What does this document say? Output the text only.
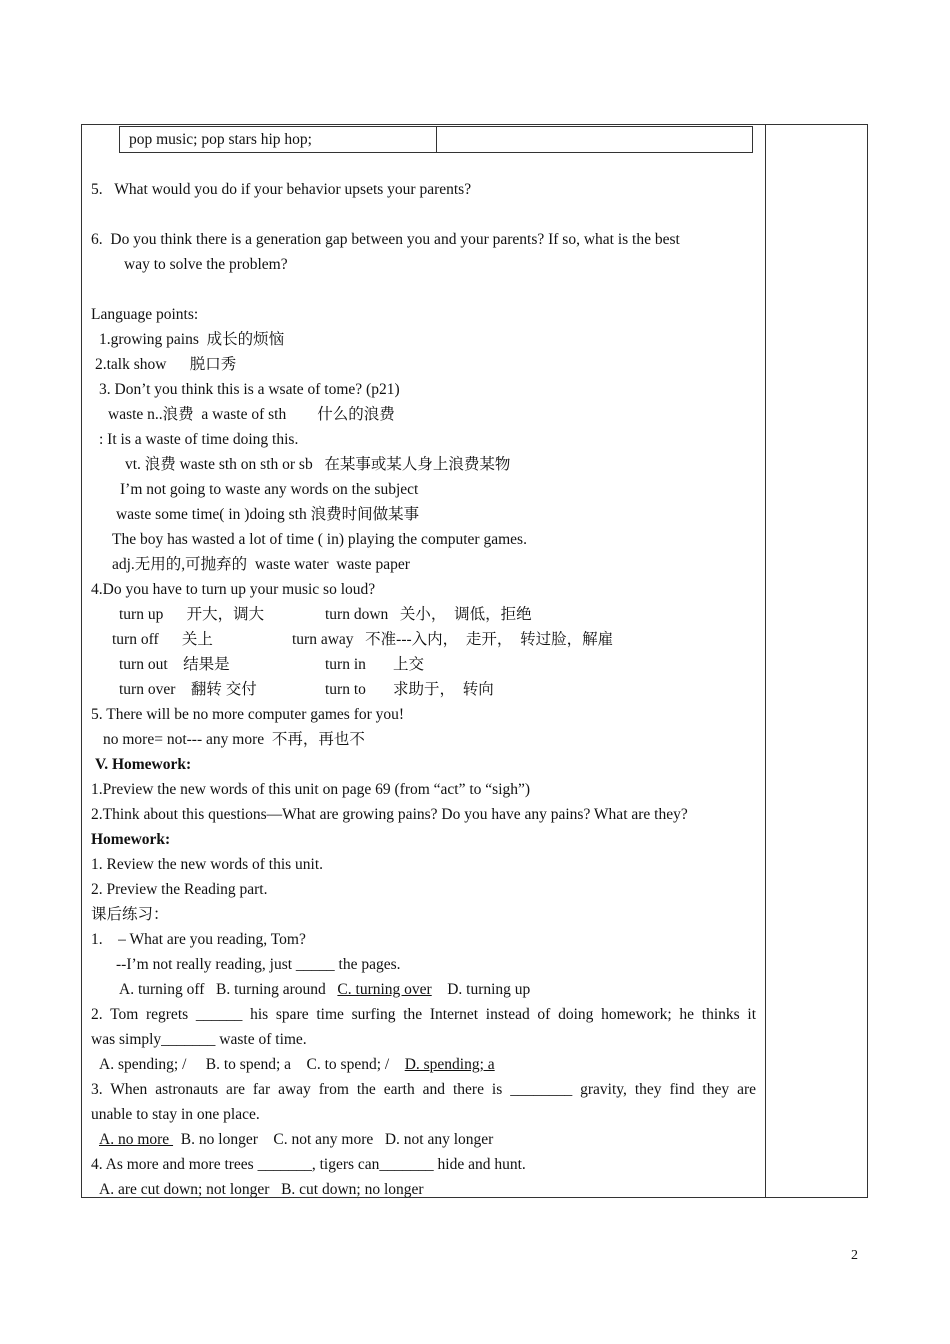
pop music; pop stars hip hop;
5.   What would you do if your behavior upsets your parents?
6.  Do you think there is a generation gap between you and your parents? If so, what is the best
way to solve the problem?
Language points:
1.growing pains  成长的烦恼
2.talk show      脱口秀
3. Don’t you think this is a wsate of tome? (p21)
waste n..浪费  a waste of sth        什么的浪费
: It is a waste of time doing this.
vt. 浪费 waste sth on sth or sb   在某事或某人身上浪费某物
I’m not going to waste any words on the subject
waste some time( in )doing sth 浪费时间做某事
The boy has wasted a lot of time ( in) playing the computer games.
adj.无用的,可抛弃的  waste water  waste paper
4.Do you have to turn up your music so loud?
turn up      开大，调大	turn down   关小，  调低，拒绝
turn off      关上	turn away   不准---入内，  走开，  转过脸，解雇
turn out    结果是	turn in       上交
turn over    翻转 交付	turn to       求助于，  转向
5. There will be no more computer games for you!
no more= not--- any more  不再，再也不
V. Homework:
1.Preview the new words of this unit on page 69 (from “act” to “sigh”)
2.Think about this questions—What are growing pains? Do you have any pains? What are they?
Homework:
1. Review the new words of this unit.
2. Preview the Reading part.
课后练习：
1.    – What are you reading, Tom?
--I’m not really reading, just _____ the pages.
A. turning off   B. turning around   C. turning over    D. turning up
2. Tom regrets ______ his spare time surfing the Internet instead of doing homework; he thinks it
was simply_______ waste of time.
A. spending; /     B. to spend; a    C. to spend; /    D. spending; a
3. When astronauts are far away from the earth and there is ________ gravity, they find they are
unable to stay in one place.
A. no more   B. no longer    C. not any more   D. not any longer
4. As more and more trees _______, tigers can_______ hide and hunt.
A. are cut down; not longer   B. cut down; no longer
2
